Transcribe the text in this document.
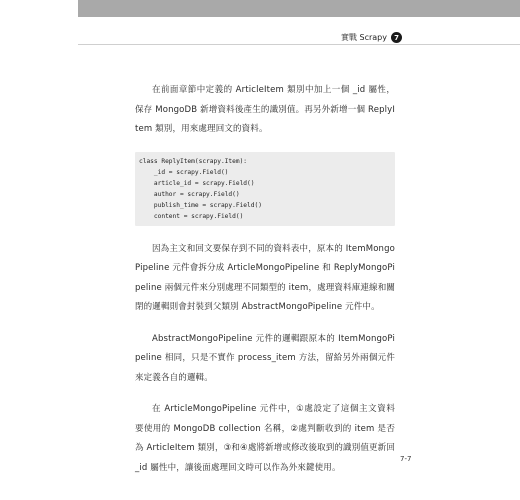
實戰 Scrapy	7

在前面章節中定義的 ArticleItem 類別中加上一個 _id 屬性，保存 MongoDB 新增資料後產生的識別值。再另外新增一個 ReplyItem 類別，用來處理回文的資料。

class ReplyItem(scrapy.Item):
_id = scrapy.Field()
article_id = scrapy.Field()
author = scrapy.Field()
publish_time = scrapy.Field()
content = scrapy.Field()

因為主文和回文要保存到不同的資料表中，原本的 ItemMongoPipeline 元件會拆分成 ArticleMongoPipeline 和 ReplyMongoPipeline 兩個元件來分別處理不同類型的 item，處理資料庫連線和關閉的邏輯則會封裝到父類別 AbstractMongoPipeline 元件中。

AbstractMongoPipeline 元件的邏輯跟原本的 ItemMongoPipeline 相同，只是不實作 process_item 方法，留給另外兩個元件來定義各自的邏輯。

在 ArticleMongoPipeline 元件中，①處設定了這個主文資料要使用的 MongoDB collection 名稱，②處判斷收到的 item 是否為 ArticleItem 類別，③和④處將新增或修改後取到的識別值更新回 _id 屬性中，讓後面處理回文時可以作為外來鍵使用。

7-7
